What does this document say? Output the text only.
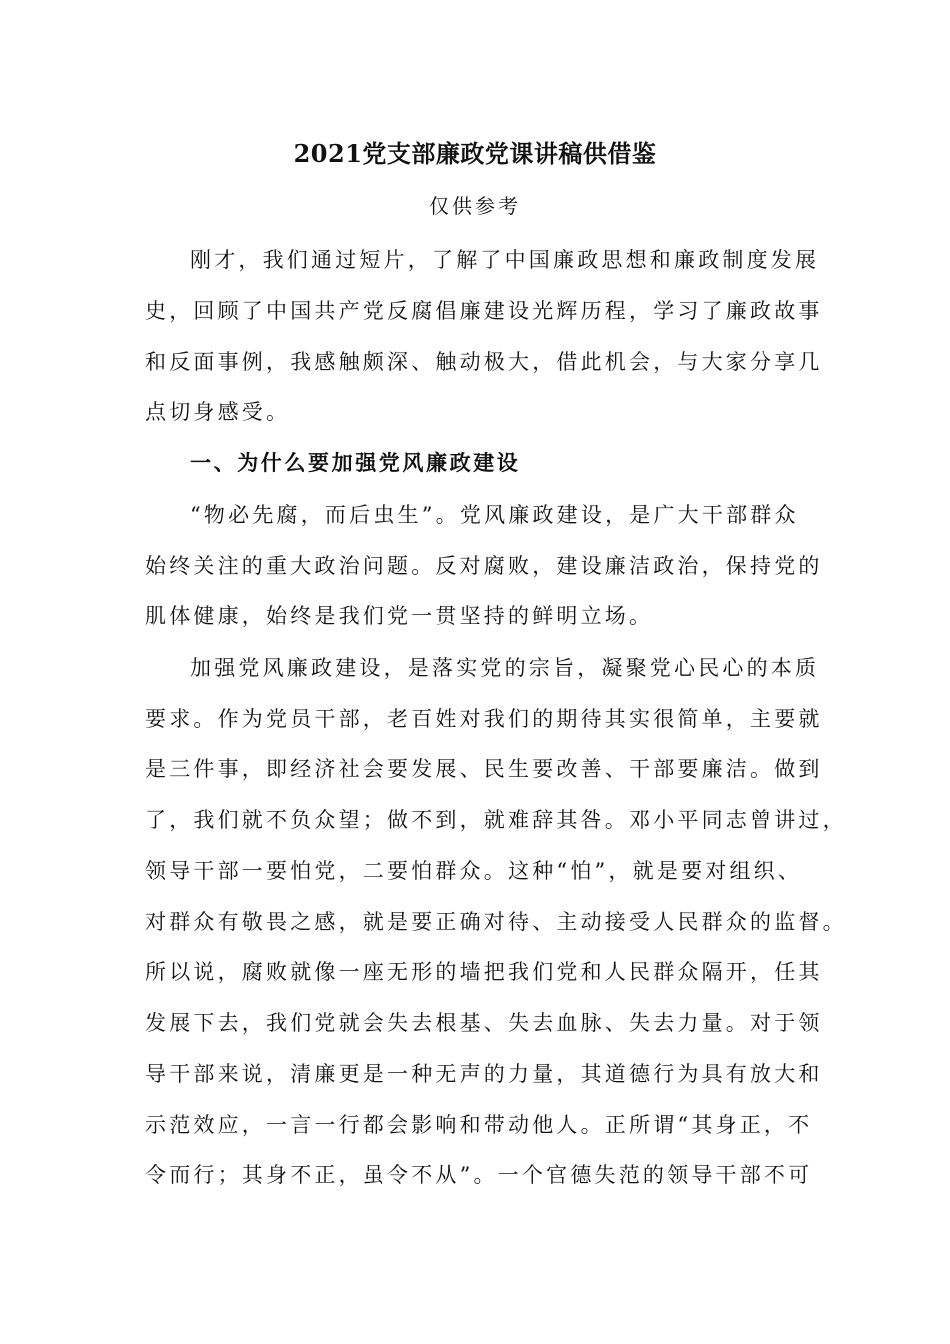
2021党支部廉政党课讲稿供借鉴
仅供参考
刚才，我们通过短片，了解了中国廉政思想和廉政制度发展
史，回顾了中国共产党反腐倡廉建设光辉历程，学习了廉政故事
和反面事例，我感触颇深、触动极大，借此机会，与大家分享几
点切身感受。
一、为什么要加强党风廉政建设
“物必先腐，而后虫生”。党风廉政建设，是广大干部群众
始终关注的重大政治问题。反对腐败，建设廉洁政治，保持党的
肌体健康，始终是我们党一贯坚持的鲜明立场。
加强党风廉政建设，是落实党的宗旨，凝聚党心民心的本质
要求。作为党员干部，老百姓对我们的期待其实很简单，主要就
是三件事，即经济社会要发展、民生要改善、干部要廉洁。做到
了，我们就不负众望；做不到，就难辞其咎。邓小平同志曾讲过，
领导干部一要怕党，二要怕群众。这种“怕”，就是要对组织、
对群众有敬畏之感，就是要正确对待、主动接受人民群众的监督。
所以说，腐败就像一座无形的墙把我们党和人民群众隔开，任其
发展下去，我们党就会失去根基、失去血脉、失去力量。对于领
导干部来说，清廉更是一种无声的力量，其道德行为具有放大和
示范效应，一言一行都会影响和带动他人。正所谓“其身正，不
令而行；其身不正，虽令不从”。一个官德失范的领导干部不可
